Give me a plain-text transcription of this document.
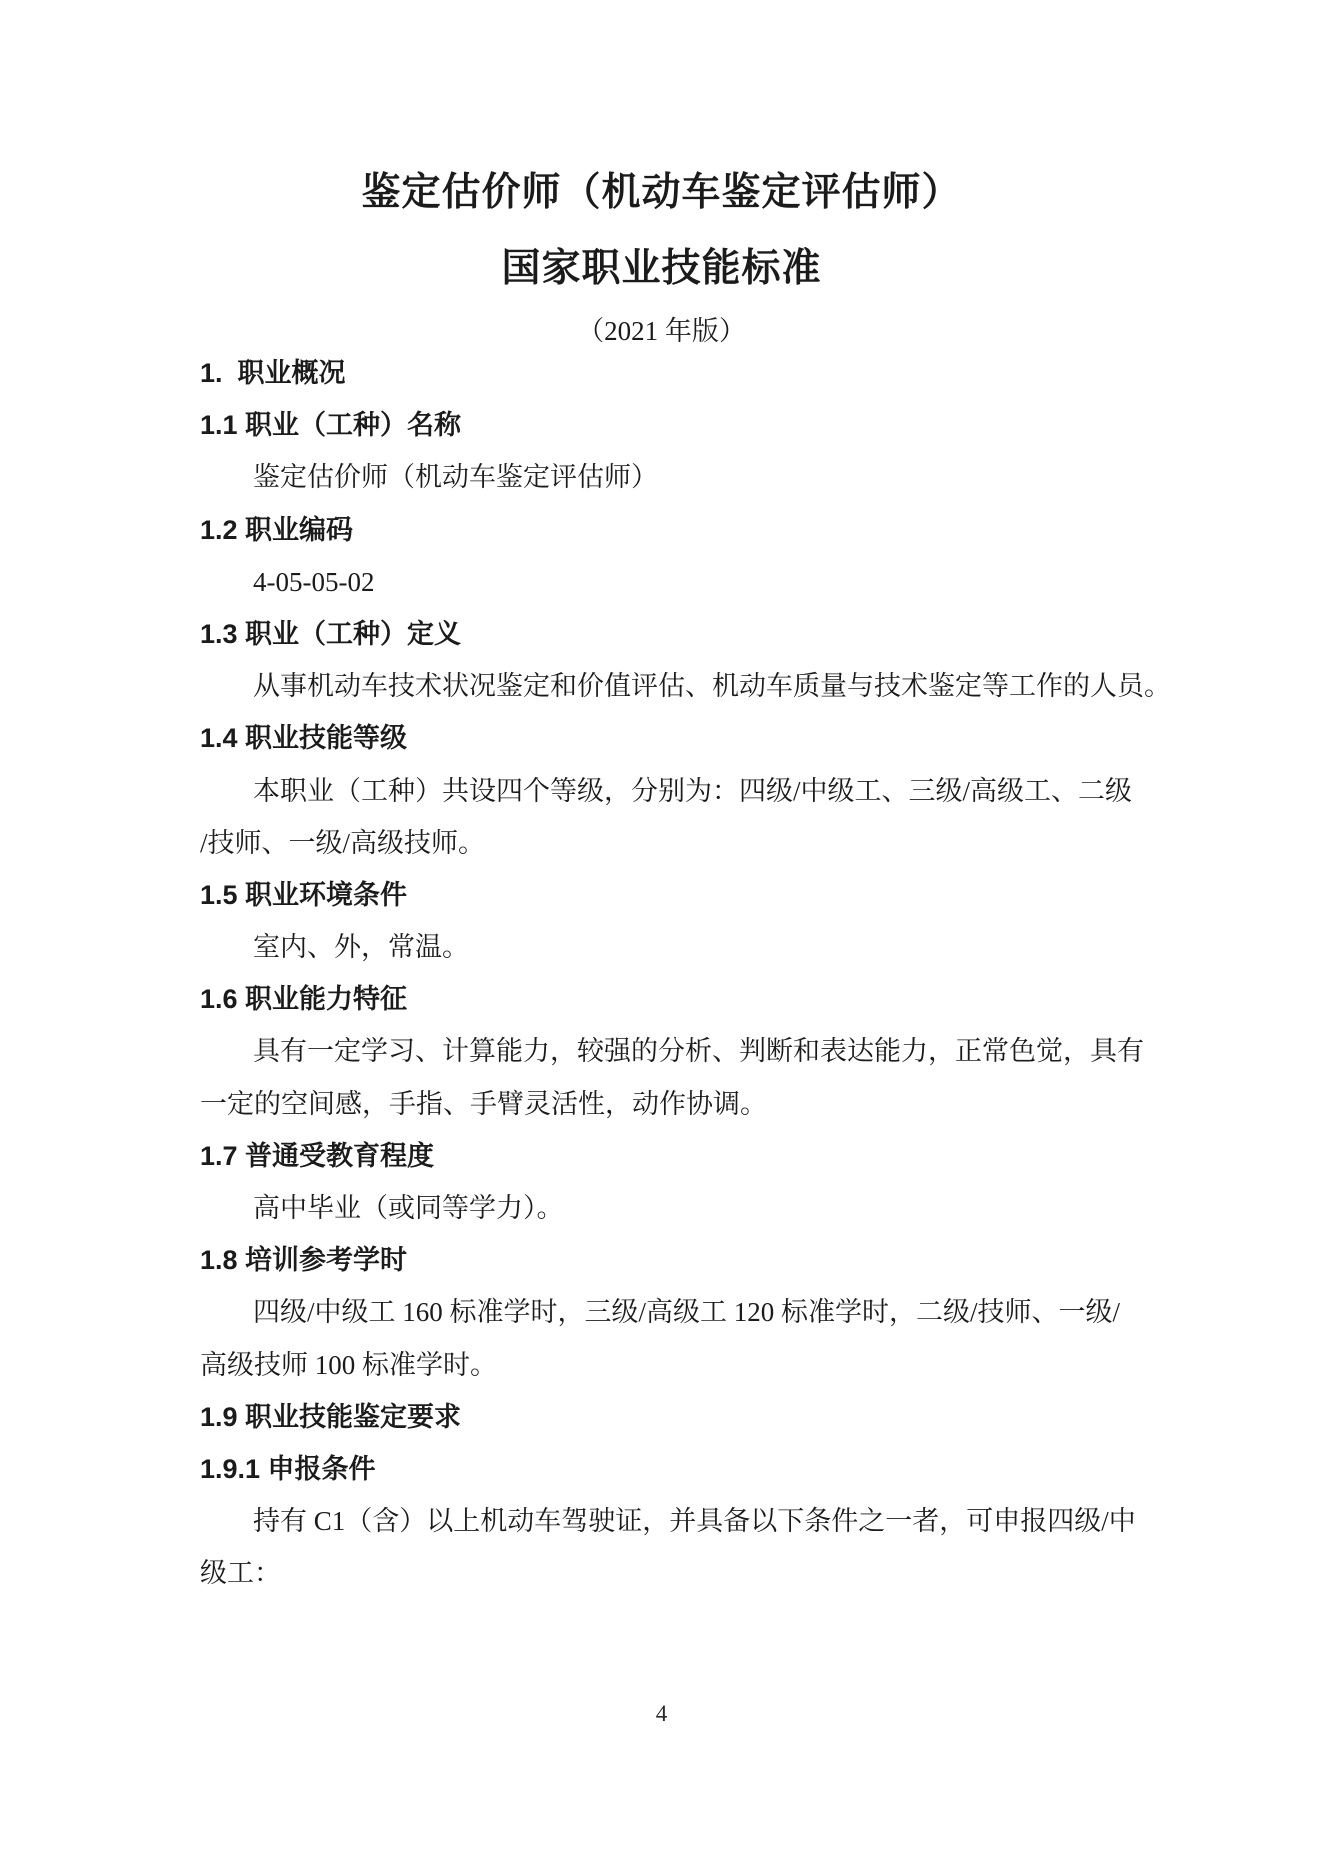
鉴定估价师（机动车鉴定评估师）
国家职业技能标准
（2021 年版）
1.  职业概况
1.1 职业（工种）名称
鉴定估价师（机动车鉴定评估师）
1.2 职业编码
4-05-05-02
1.3 职业（工种）定义
从事机动车技术状况鉴定和价值评估、机动车质量与技术鉴定等工作的人员。
1.4 职业技能等级
本职业（工种）共设四个等级，分别为：四级/中级工、三级/高级工、二级
/技师、一级/高级技师。
1.5 职业环境条件
室内、外，常温。
1.6 职业能力特征
具有一定学习、计算能力，较强的分析、判断和表达能力，正常色觉，具有
一定的空间感，手指、手臂灵活性，动作协调。
1.7 普通受教育程度
高中毕业（或同等学力）。
1.8 培训参考学时
四级/中级工 160 标准学时，三级/高级工 120 标准学时，二级/技师、一级/
高级技师 100 标准学时。
1.9 职业技能鉴定要求
1.9.1 申报条件
持有 C1（含）以上机动车驾驶证，并具备以下条件之一者，可申报四级/中
级工：
4
